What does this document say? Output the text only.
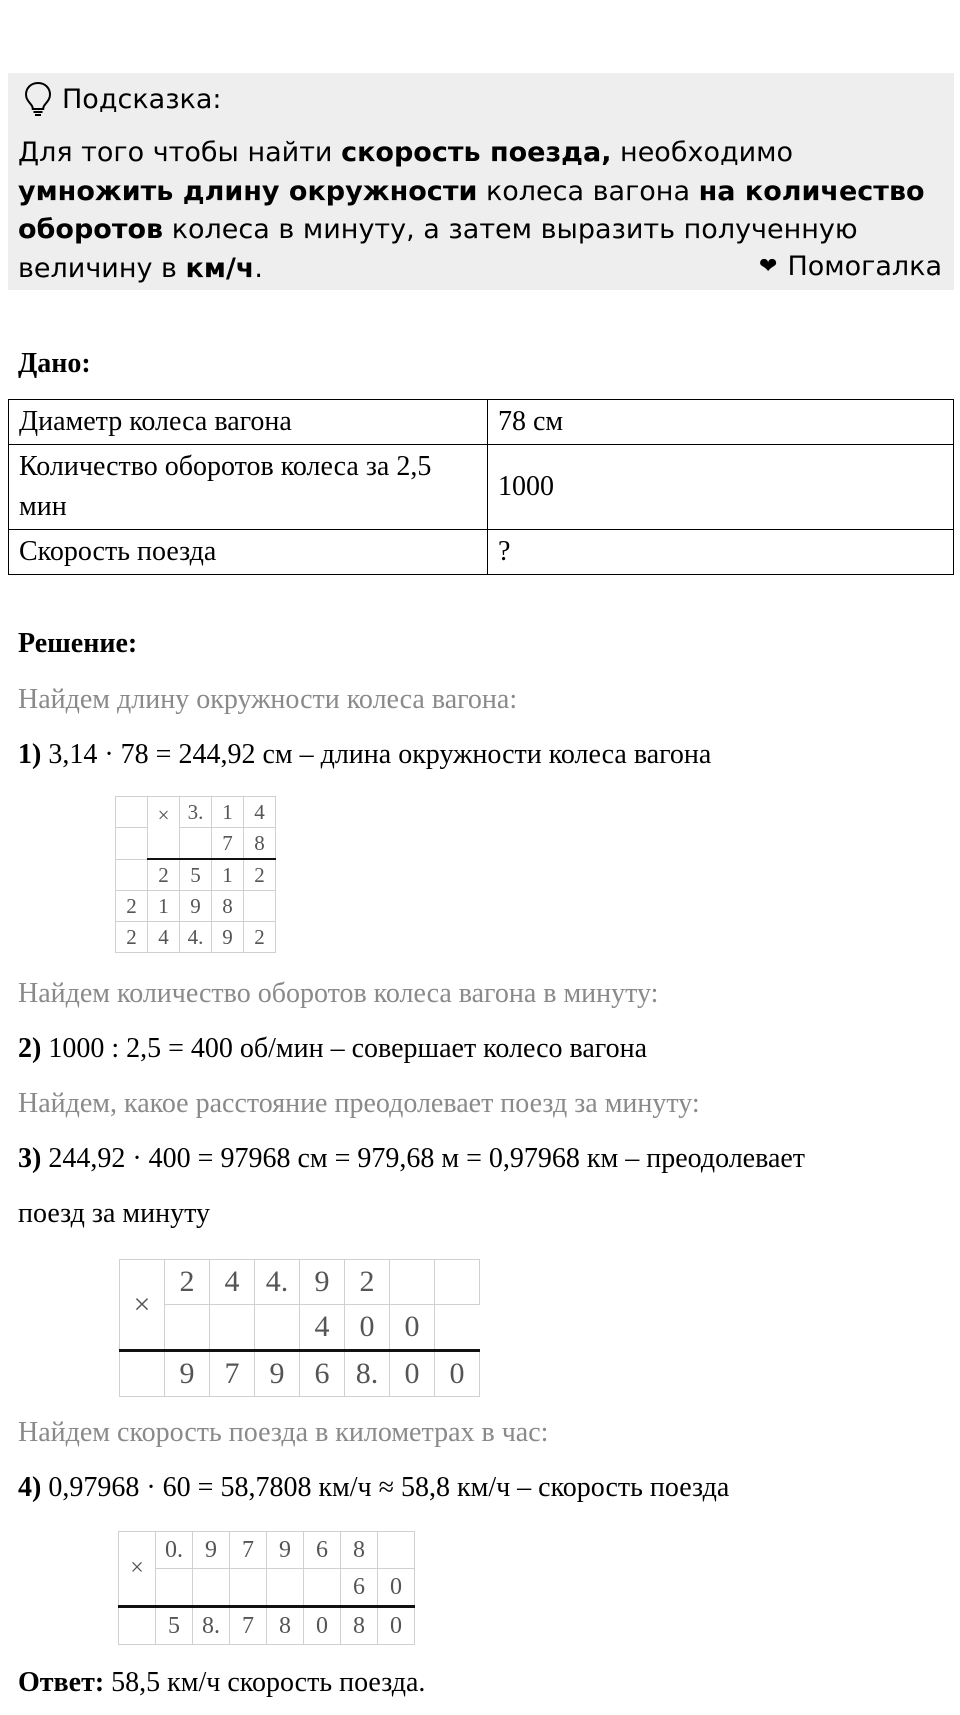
Подсказка:
Для того чтобы найти скорость поезда, необходимо умножить длину окружности колеса вагона на количество оборотов колеса в минуту, а затем выразить полученную величину в км/ч.	❤ Помогалка
Дано:
Диаметр колеса вагона	78 см
Количество оборотов колеса за 2,5 мин	1000
Скорость поезда	?
Решение:
Найдем длину окружности колеса вагона:
1) 3,14 · 78 = 244,92 см – длина окружности колеса вагона
	×	3.	1	4
			7	8
	2	5	1	2
2	1	9	8	
2	4	4.	9	2
Найдем количество оборотов колеса вагона в минуту:
2) 1000 : 2,5 = 400 об/мин – совершает колесо вагона
Найдем, какое расстояние преодолевает поезд за минуту:
3) 244,92 · 400 = 97968 см = 979,68 м = 0,97968 км – преодолевает
поезд за минуту
×	2	4	4.	9	2		
				4	0	0	
	9	7	9	6	8.	0	0
Найдем скорость поезда в километрах в час:
4) 0,97968 · 60 = 58,7808 км/ч ≈ 58,8 км/ч – скорость поезда
×	0.	9	7	9	6	8	
						6	0
	5	8.	7	8	0	8	0
Ответ: 58,5 км/ч скорость поезда.
